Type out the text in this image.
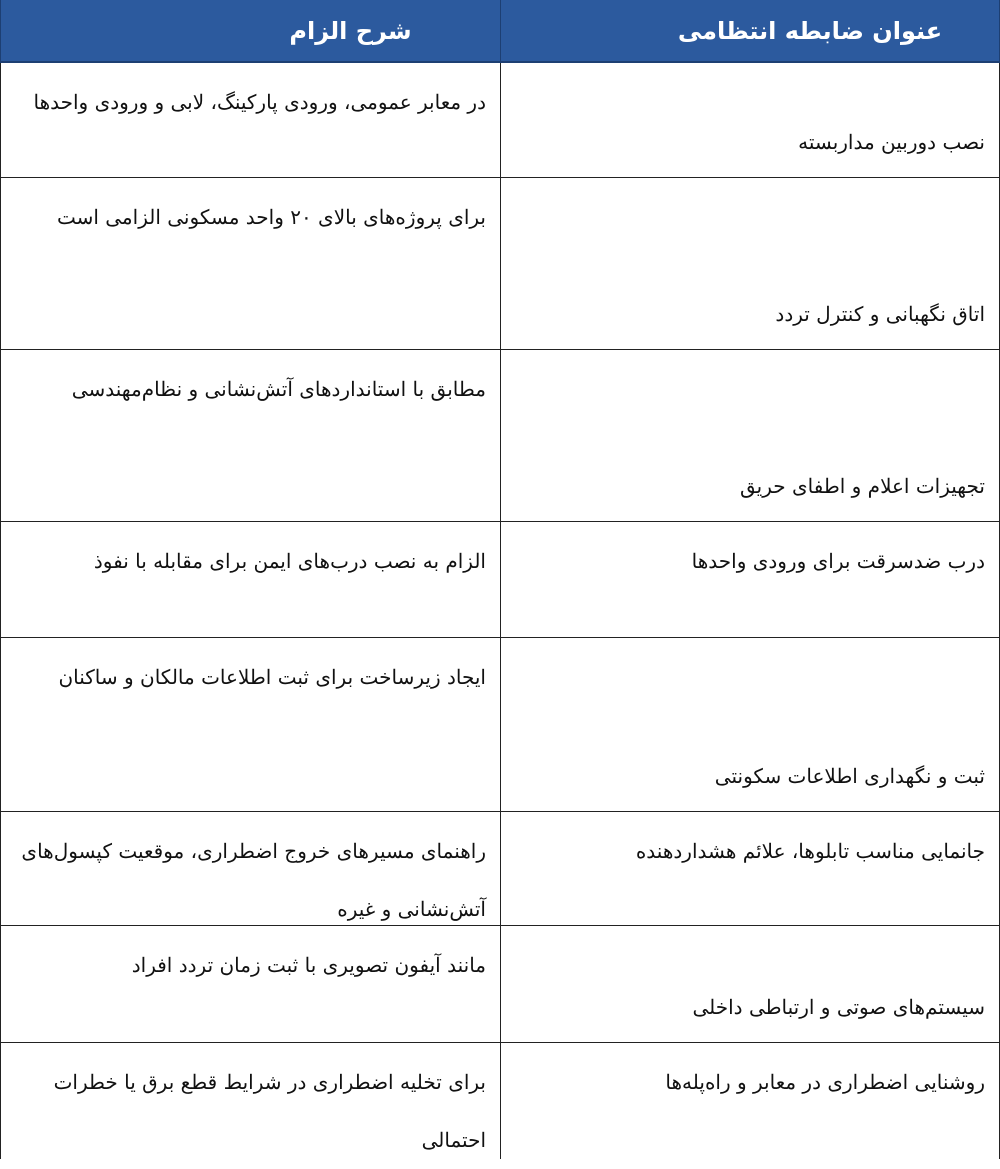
عنوان ضابطه انتظامی
شرح الزام
نصب دوربین مداربسته
در معابر عمومی، ورودی پارکینگ، لابی و ورودی واحدها
اتاق نگهبانی و کنترل تردد
برای پروژه‌های بالای ۲۰ واحد مسکونی الزامی است
تجهیزات اعلام و اطفای حریق
مطابق با استانداردهای آتش‌نشانی و نظام‌مهندسی
درب ضدسرقت برای ورودی واحدها
الزام به نصب درب‌های ایمن برای مقابله با نفوذ
ثبت و نگهداری اطلاعات سکونتی
ایجاد زیرساخت برای ثبت اطلاعات مالکان و ساکنان
جانمایی مناسب تابلوها، علائم هشداردهنده
راهنمای مسیرهای خروج اضطراری، موقعیت کپسول‌های آتش‌نشانی و غیره
سیستم‌های صوتی و ارتباطی داخلی
مانند آیفون تصویری با ثبت زمان تردد افراد
روشنایی اضطراری در معابر و راه‌پله‌ها
برای تخلیه اضطراری در شرایط قطع برق یا خطرات احتمالی
